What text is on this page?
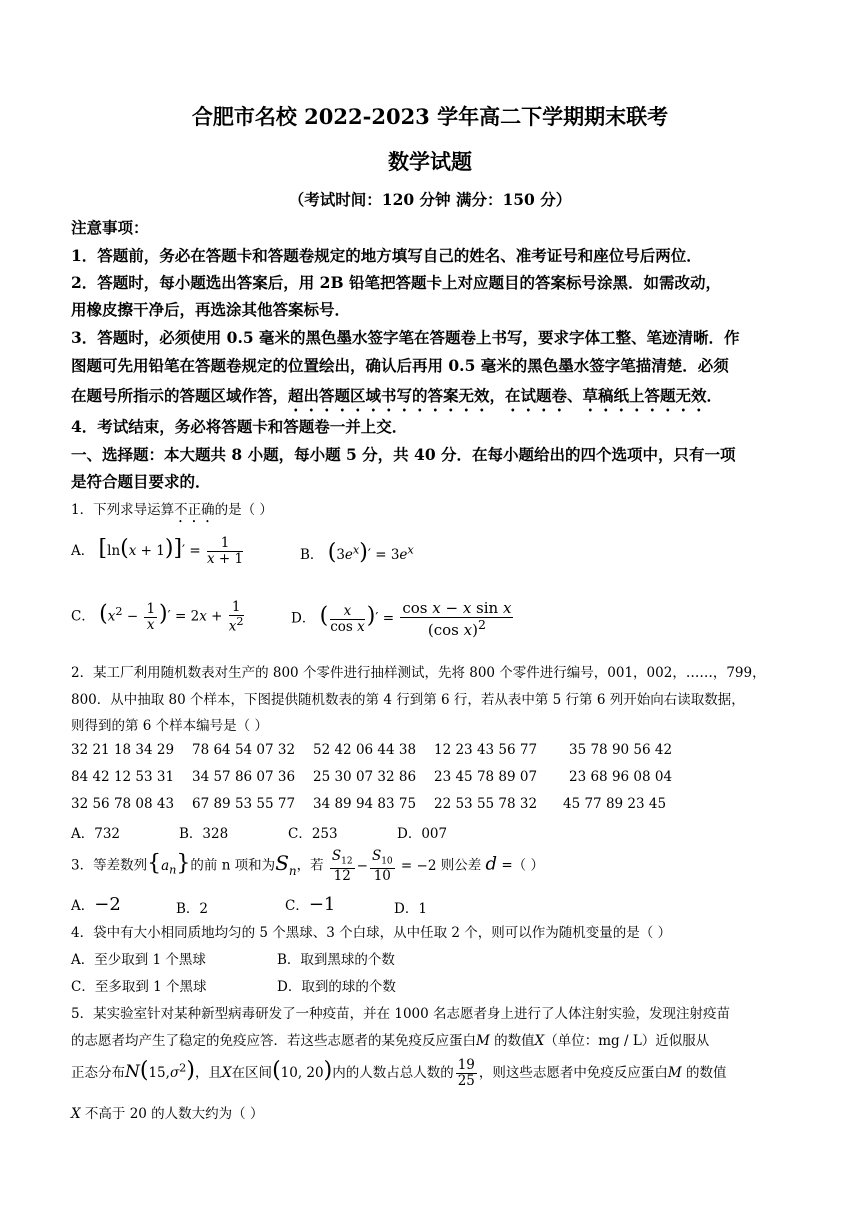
合肥市名校 2022-2023 学年高二下学期期末联考
数学试题
（考试时间：120 分钟 满分：150 分）
注意事项：
1．答题前，务必在答题卡和答题卷规定的地方填写自己的姓名、准考证号和座位号后两位．
2．答题时，每小题选出答案后，用 2B 铅笔把答题卡上对应题目的答案标号涂黑．如需改动，
用橡皮擦干净后，再选涂其他答案标号．
3．答题时，必须使用 0.5 毫米的黑色墨水签字笔在答题卷上书写，要求字体工整、笔迹清晰．作
图题可先用铅笔在答题卷规定的位置绘出，确认后再用 0.5 毫米的黑色墨水签字笔描清楚．必须
在题号所指示的答题区域作答，超出答题区域书写的答案无效，在试题卷、草稿纸上答题无效．
4．考试结束，务必将答题卡和答题卷一并上交．
一、选择题：本大题共 8 小题，每小题 5 分，共 40 分．在每小题给出的四个选项中，只有一项
是符合题目要求的．
1．下列求导运算不正确的是（ ）
A． $[\ln(x + 1)]' = \frac{1}{x + 1}$	B． $(3e^x)' = 3e^x$
C． ($x^2 - \frac{1}{x}$ )′ = $2x + \frac{1}{x^2}$	D． ( $\frac{x}{\text{cos x}}$ )′ = $\frac{\text{cos x − x sin x}}{(\cos x)^2}$
2．某工厂利用随机数表对生产的 800 个零件进行抽样测试，先将 800 个零件进行编号，001，002，……，799，
800．从中抽取 80 个样本，下图提供随机数表的第 4 行到第 6 行，若从表中第 5 行第 6 列开始向右读取数据，
则得到的第 6 个样本编号是（ ）
32 21 18 34 29 78 64 54 07 32 52 42 06 44 38 12 23 43 56 77 35 78 90 56 42
84 42 12 53 31 34 57 86 07 36 25 30 07 32 86 23 45 78 89 07 23 68 96 08 04
32 56 78 08 43 67 89 53 55 77 34 89 94 83 75 22 53 55 78 32 45 77 89 23 45
A．732	B．328	C．253	D．007
3．等差数列$\{a_n\}$的前 n 项和为$S_n$，若 $\frac{S_{12}}{12} - \frac{S_{10}}{10} = -2$ 则公差 d =（ ）
A．−2	B．2	C．−1	D．1
4．袋中有大小相同质地均匀的 5 个黑球、3 个白球，从中任取 2 个，则可以作为随机变量的是（ ）
A．至少取到 1 个黑球	B．取到黑球的个数
C．至多取到 1 个黑球	D．取到的球的个数
5．某实验室针对某种新型病毒研发了一种疫苗，并在 1000 名志愿者身上进行了人体注射实验，发现注射疫苗
的志愿者均产生了稳定的免疫应答．若这些志愿者的某免疫反应蛋白M 的数值X（单位：mg / L）近似服从
正态分布$N(15,\sigma^2)$，且X在区间(10, 20)内的人数占总人数的 $\frac{19}{25}$ ，则这些志愿者中免疫反应蛋白M 的数值
X 不高于 20 的人数大约为（ ）
